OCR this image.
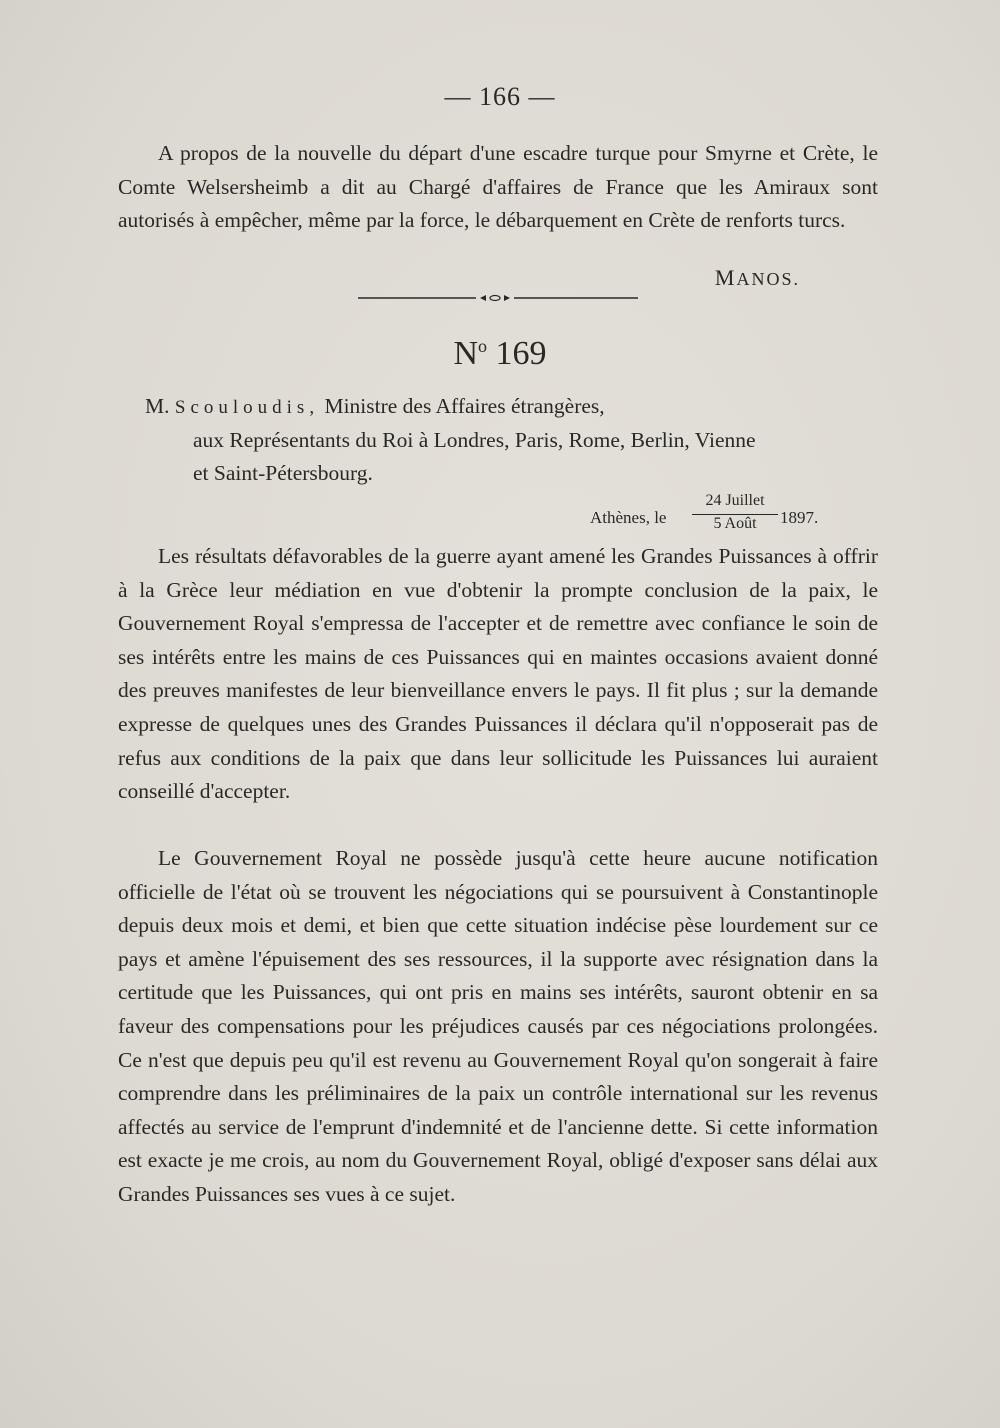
— 166 —

A propos de la nouvelle du départ d'une escadre turque pour Smyrne et Crète, le Comte Welsersheimb a dit au Chargé d'affaires de France que les Amiraux sont autorisés à empêcher, même par la force, le débarquement en Crète de renforts turcs.

MANOS.
$N^o$ 169
M. Scouloudis, Ministre des Affaires étrangères,
aux Représentants du Roi à Londres, Paris, Rome, Berlin, Vienne
et Saint-Pétersbourg.
Athènes, le
24 Juillet
5 Août	1897.

Les résultats défavorables de la guerre ayant amené les Grandes Puissances à offrir à la Grèce leur médiation en vue d'obtenir la prompte conclusion de la paix, le Gouvernement Royal s'empressa de l'accepter et de remettre avec confiance le soin de ses intérêts entre les mains de ces Puissances qui en maintes occasions avaient donné des preuves manifestes de leur bienveillance envers le pays. Il fit plus ; sur la demande expresse de quelques unes des Grandes Puissances il déclara qu'il n'opposerait pas de refus aux conditions de la paix que dans leur sollicitude les Puissances lui auraient conseillé d'accepter.

Le Gouvernement Royal ne possède jusqu'à cette heure aucune notification officielle de l'état où se trouvent les négociations qui se poursuivent à Constantinople depuis deux mois et demi, et bien que cette situation indécise pèse lourdement sur ce pays et amène l'épuisement des ses ressources, il la supporte avec résignation dans la certitude que les Puissances, qui ont pris en mains ses intérêts, sauront obtenir en sa faveur des compensations pour les préjudices causés par ces négociations prolongées. Ce n'est que depuis peu qu'il est revenu au Gouvernement Royal qu'on songerait à faire comprendre dans les préliminaires de la paix un contrôle international sur les revenus affectés au service de l'emprunt d'indemnité et de l'ancienne dette. Si cette information est exacte je me crois, au nom du Gouvernement Royal, obligé d'exposer sans délai aux Grandes Puissances ses vues à ce sujet.
